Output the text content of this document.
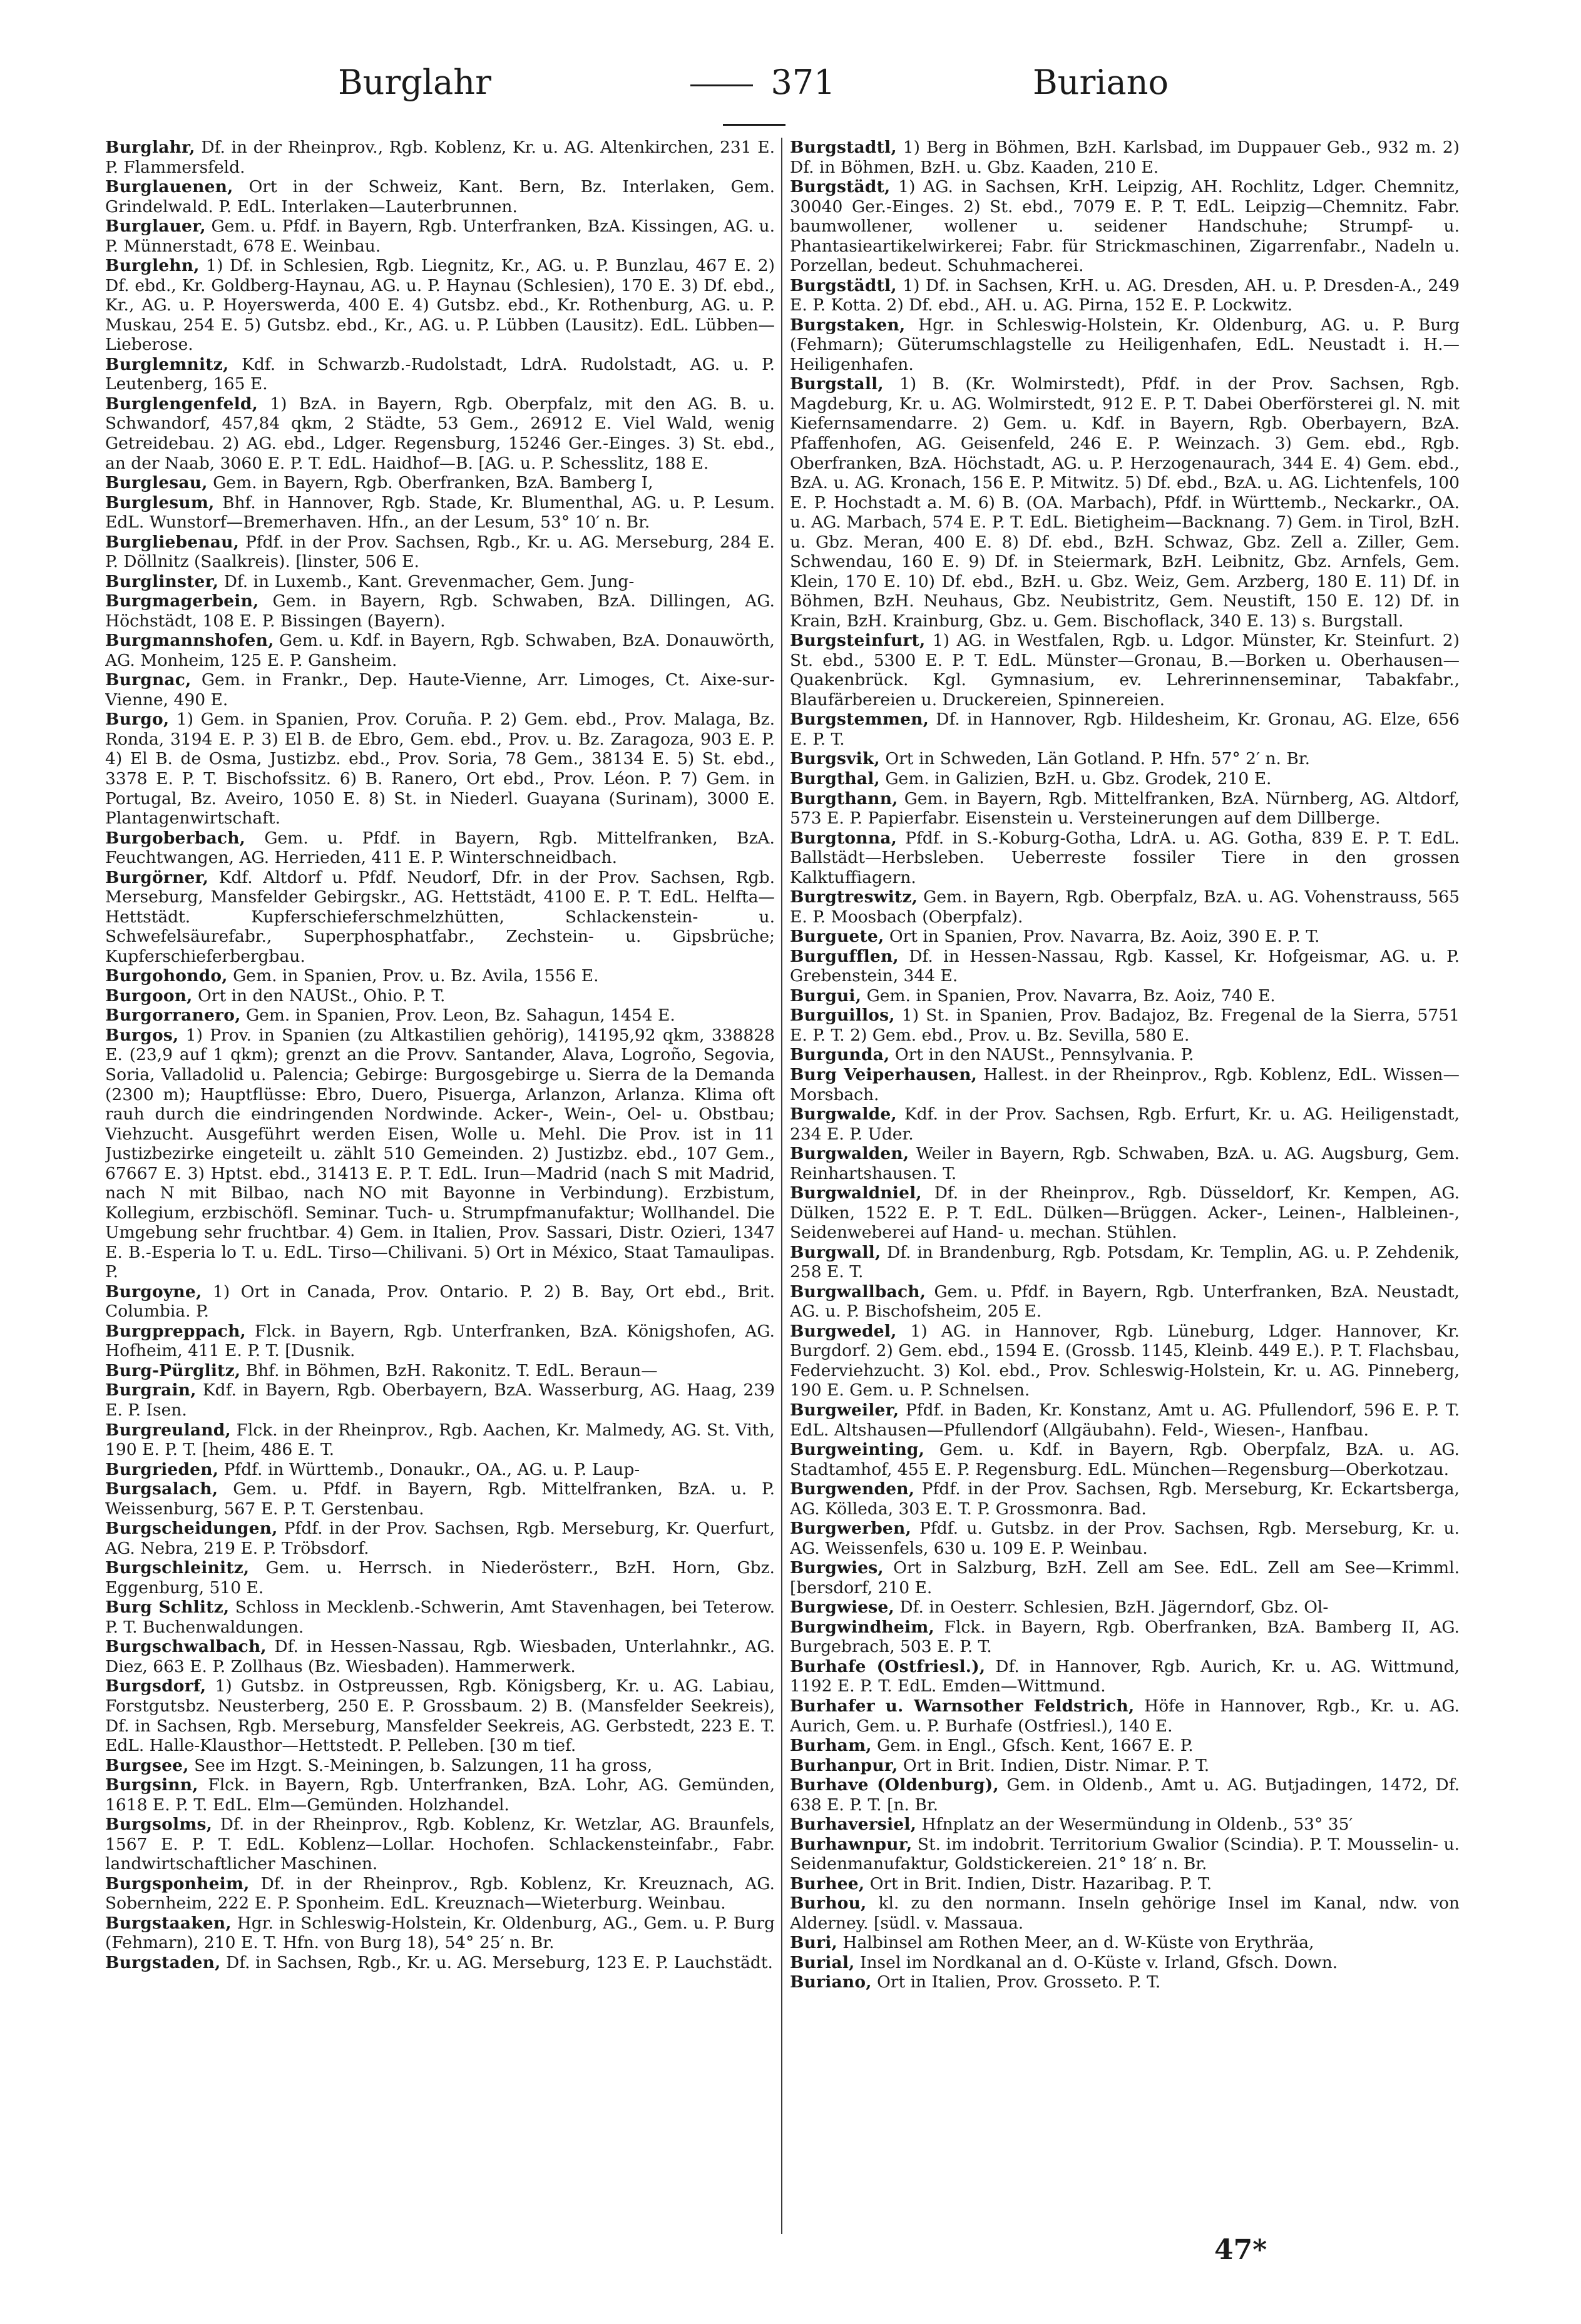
Burglahr	371	Buriano

Burglahr, Df. in der Rheinprov., Rgb. Koblenz, Kr. u. AG. Altenkirchen, 231 E. P. Flammersfeld.

Burglauenen, Ort in der Schweiz, Kant. Bern, Bz. Interlaken, Gem. Grindelwald. P. EdL. Interlaken—Lauterbrunnen.

Burglauer, Gem. u. Pfdf. in Bayern, Rgb. Unterfranken, BzA. Kissingen, AG. u. P. Münnerstadt, 678 E. Weinbau.

Burglehn, 1) Df. in Schlesien, Rgb. Liegnitz, Kr., AG. u. P. Bunzlau, 467 E. 2) Df. ebd., Kr. Goldberg-Haynau, AG. u. P. Haynau (Schlesien), 170 E. 3) Df. ebd., Kr., AG. u. P. Hoyerswerda, 400 E. 4) Gutsbz. ebd., Kr. Rothenburg, AG. u. P. Muskau, 254 E. 5) Gutsbz. ebd., Kr., AG. u. P. Lübben (Lausitz). EdL. Lübben—Lieberose.

Burglemnitz, Kdf. in Schwarzb.-Rudolstadt, LdrA. Rudolstadt, AG. u. P. Leutenberg, 165 E.

Burglengenfeld, 1) BzA. in Bayern, Rgb. Oberpfalz, mit den AG. B. u. Schwandorf, 457,84 qkm, 2 Städte, 53 Gem., 26912 E. Viel Wald, wenig Getreidebau. 2) AG. ebd., Ldger. Regensburg, 15246 Ger.-Einges. 3) St. ebd., an der Naab, 3060 E. P. T. EdL. Haidhof—B. [AG. u. P. Schesslitz, 188 E.

Burglesau, Gem. in Bayern, Rgb. Oberfranken, BzA. Bamberg I,

Burglesum, Bhf. in Hannover, Rgb. Stade, Kr. Blumenthal, AG. u. P. Lesum. EdL. Wunstorf—Bremerhaven. Hfn., an der Lesum, 53° 10′ n. Br.

Burgliebenau, Pfdf. in der Prov. Sachsen, Rgb., Kr. u. AG. Merseburg, 284 E. P. Döllnitz (Saalkreis). [linster, 506 E.

Burglinster, Df. in Luxemb., Kant. Grevenmacher, Gem. Jung-

Burgmagerbein, Gem. in Bayern, Rgb. Schwaben, BzA. Dillingen, AG. Höchstädt, 108 E. P. Bissingen (Bayern).

Burgmannshofen, Gem. u. Kdf. in Bayern, Rgb. Schwaben, BzA. Donauwörth, AG. Monheim, 125 E. P. Gansheim.

Burgnac, Gem. in Frankr., Dep. Haute-Vienne, Arr. Limoges, Ct. Aixe-sur-Vienne, 490 E.

Burgo, 1) Gem. in Spanien, Prov. Coruña. P. 2) Gem. ebd., Prov. Malaga, Bz. Ronda, 3194 E. P. 3) El B. de Ebro, Gem. ebd., Prov. u. Bz. Zaragoza, 903 E. P. 4) El B. de Osma, Justizbz. ebd., Prov. Soria, 78 Gem., 38134 E. 5) St. ebd., 3378 E. P. T. Bischofssitz. 6) B. Ranero, Ort ebd., Prov. Léon. P. 7) Gem. in Portugal, Bz. Aveiro, 1050 E. 8) St. in Niederl. Guayana (Surinam), 3000 E. Plantagenwirtschaft.

Burgoberbach, Gem. u. Pfdf. in Bayern, Rgb. Mittelfranken, BzA. Feuchtwangen, AG. Herrieden, 411 E. P. Winterschneidbach.

Burgörner, Kdf. Altdorf u. Pfdf. Neudorf, Dfr. in der Prov. Sachsen, Rgb. Merseburg, Mansfelder Gebirgskr., AG. Hettstädt, 4100 E. P. T. EdL. Helfta—Hettstädt. Kupferschieferschmelzhütten, Schlackenstein- u. Schwefelsäurefabr., Superphosphatfabr., Zechstein- u. Gipsbrüche; Kupferschieferbergbau.

Burgohondo, Gem. in Spanien, Prov. u. Bz. Avila, 1556 E.

Burgoon, Ort in den NAUSt., Ohio. P. T.

Burgorranero, Gem. in Spanien, Prov. Leon, Bz. Sahagun, 1454 E.

Burgos, 1) Prov. in Spanien (zu Altkastilien gehörig), 14195,92 qkm, 338828 E. (23,9 auf 1 qkm); grenzt an die Provv. Santander, Alava, Logroño, Segovia, Soria, Valladolid u. Palencia; Gebirge: Burgosgebirge u. Sierra de la Demanda (2300 m); Hauptflüsse: Ebro, Duero, Pisuerga, Arlanzon, Arlanza. Klima oft rauh durch die eindringenden Nordwinde. Acker-, Wein-, Oel- u. Obstbau; Viehzucht. Ausgeführt werden Eisen, Wolle u. Mehl. Die Prov. ist in 11 Justizbezirke eingeteilt u. zählt 510 Gemeinden. 2) Justizbz. ebd., 107 Gem., 67667 E. 3) Hptst. ebd., 31413 E. P. T. EdL. Irun—Madrid (nach S mit Madrid, nach N mit Bilbao, nach NO mit Bayonne in Verbindung). Erzbistum, Kollegium, erzbischöfl. Seminar. Tuch- u. Strumpfmanufaktur; Wollhandel. Die Umgebung sehr fruchtbar. 4) Gem. in Italien, Prov. Sassari, Distr. Ozieri, 1347 E. B.-Esperia lo T. u. EdL. Tirso—Chilivani. 5) Ort in México, Staat Tamaulipas. P.

Burgoyne, 1) Ort in Canada, Prov. Ontario. P. 2) B. Bay, Ort ebd., Brit. Columbia. P.

Burgpreppach, Flck. in Bayern, Rgb. Unterfranken, BzA. Königshofen, AG. Hofheim, 411 E. P. T. [Dusnik.

Burg-Pürglitz, Bhf. in Böhmen, BzH. Rakonitz. T. EdL. Beraun—

Burgrain, Kdf. in Bayern, Rgb. Oberbayern, BzA. Wasserburg, AG. Haag, 239 E. P. Isen.

Burgreuland, Flck. in der Rheinprov., Rgb. Aachen, Kr. Malmedy, AG. St. Vith, 190 E. P. T. [heim, 486 E. T.

Burgrieden, Pfdf. in Württemb., Donaukr., OA., AG. u. P. Laup-

Burgsalach, Gem. u. Pfdf. in Bayern, Rgb. Mittelfranken, BzA. u. P. Weissenburg, 567 E. P. T. Gerstenbau.

Burgscheidungen, Pfdf. in der Prov. Sachsen, Rgb. Merseburg, Kr. Querfurt, AG. Nebra, 219 E. P. Tröbsdorf.

Burgschleinitz, Gem. u. Herrsch. in Niederösterr., BzH. Horn, Gbz. Eggenburg, 510 E.

Burg Schlitz, Schloss in Mecklenb.-Schwerin, Amt Stavenhagen, bei Teterow. P. T. Buchenwaldungen.

Burgschwalbach, Df. in Hessen-Nassau, Rgb. Wiesbaden, Unterlahnkr., AG. Diez, 663 E. P. Zollhaus (Bz. Wiesbaden). Hammerwerk.

Burgsdorf, 1) Gutsbz. in Ostpreussen, Rgb. Königsberg, Kr. u. AG. Labiau, Forstgutsbz. Neusterberg, 250 E. P. Grossbaum. 2) B. (Mansfelder Seekreis), Df. in Sachsen, Rgb. Merseburg, Mansfelder Seekreis, AG. Gerbstedt, 223 E. T. EdL. Halle-Klausthor—Hettstedt. P. Pelleben. [30 m tief.

Burgsee, See im Hzgt. S.-Meiningen, b. Salzungen, 11 ha gross,

Burgsinn, Flck. in Bayern, Rgb. Unterfranken, BzA. Lohr, AG. Gemünden, 1618 E. P. T. EdL. Elm—Gemünden. Holzhandel.

Burgsolms, Df. in der Rheinprov., Rgb. Koblenz, Kr. Wetzlar, AG. Braunfels, 1567 E. P. T. EdL. Koblenz—Lollar. Hochofen. Schlackensteinfabr., Fabr. landwirtschaftlicher Maschinen.

Burgsponheim, Df. in der Rheinprov., Rgb. Koblenz, Kr. Kreuznach, AG. Sobernheim, 222 E. P. Sponheim. EdL. Kreuznach—Wieterburg. Weinbau.

Burgstaaken, Hgr. in Schleswig-Holstein, Kr. Oldenburg, AG., Gem. u. P. Burg (Fehmarn), 210 E. T. Hfn. von Burg 18), 54° 25′ n. Br.

Burgstaden, Df. in Sachsen, Rgb., Kr. u. AG. Merseburg, 123 E. P. Lauchstädt.

Burgstadtl, 1) Berg in Böhmen, BzH. Karlsbad, im Duppauer Geb., 932 m. 2) Df. in Böhmen, BzH. u. Gbz. Kaaden, 210 E.

Burgstädt, 1) AG. in Sachsen, KrH. Leipzig, AH. Rochlitz, Ldger. Chemnitz, 30040 Ger.-Einges. 2) St. ebd., 7079 E. P. T. EdL. Leipzig—Chemnitz. Fabr. baumwollener, wollener u. seidener Handschuhe; Strumpf- u. Phantasieartikelwirkerei; Fabr. für Strickmaschinen, Zigarrenfabr., Nadeln u. Porzellan, bedeut. Schuhmacherei.

Burgstädtl, 1) Df. in Sachsen, KrH. u. AG. Dresden, AH. u. P. Dresden-A., 249 E. P. Kotta. 2) Df. ebd., AH. u. AG. Pirna, 152 E. P. Lockwitz.

Burgstaken, Hgr. in Schleswig-Holstein, Kr. Oldenburg, AG. u. P. Burg (Fehmarn); Güterumschlagstelle zu Heiligenhafen, EdL. Neustadt i. H.—Heiligenhafen.

Burgstall, 1) B. (Kr. Wolmirstedt), Pfdf. in der Prov. Sachsen, Rgb. Magdeburg, Kr. u. AG. Wolmirstedt, 912 E. P. T. Dabei Oberförsterei gl. N. mit Kiefernsamendarre. 2) Gem. u. Kdf. in Bayern, Rgb. Oberbayern, BzA. Pfaffenhofen, AG. Geisenfeld, 246 E. P. Weinzach. 3) Gem. ebd., Rgb. Oberfranken, BzA. Höchstadt, AG. u. P. Herzogenaurach, 344 E. 4) Gem. ebd., BzA. u. AG. Kronach, 156 E. P. Mitwitz. 5) Df. ebd., BzA. u. AG. Lichtenfels, 100 E. P. Hochstadt a. M. 6) B. (OA. Marbach), Pfdf. in Württemb., Neckarkr., OA. u. AG. Marbach, 574 E. P. T. EdL. Bietigheim—Backnang. 7) Gem. in Tirol, BzH. u. Gbz. Meran, 400 E. 8) Df. ebd., BzH. Schwaz, Gbz. Zell a. Ziller, Gem. Schwendau, 160 E. 9) Df. in Steiermark, BzH. Leibnitz, Gbz. Arnfels, Gem. Klein, 170 E. 10) Df. ebd., BzH. u. Gbz. Weiz, Gem. Arzberg, 180 E. 11) Df. in Böhmen, BzH. Neuhaus, Gbz. Neubistritz, Gem. Neustift, 150 E. 12) Df. in Krain, BzH. Krainburg, Gbz. u. Gem. Bischoflack, 340 E. 13) s. Burgstall.

Burgsteinfurt, 1) AG. in Westfalen, Rgb. u. Ldgor. Münster, Kr. Steinfurt. 2) St. ebd., 5300 E. P. T. EdL. Münster—Gronau, B.—Borken u. Oberhausen—Quakenbrück. Kgl. Gymnasium, ev. Lehrerinnenseminar, Tabakfabr., Blaufärbereien u. Druckereien, Spinnereien.

Burgstemmen, Df. in Hannover, Rgb. Hildesheim, Kr. Gronau, AG. Elze, 656 E. P. T.

Burgsvik, Ort in Schweden, Län Gotland. P. Hfn. 57° 2′ n. Br.

Burgthal, Gem. in Galizien, BzH. u. Gbz. Grodek, 210 E.

Burgthann, Gem. in Bayern, Rgb. Mittelfranken, BzA. Nürnberg, AG. Altdorf, 573 E. P. Papierfabr. Eisenstein u. Versteinerungen auf dem Dillberge.

Burgtonna, Pfdf. in S.-Koburg-Gotha, LdrA. u. AG. Gotha, 839 E. P. T. EdL. Ballstädt—Herbsleben. Ueberreste fossiler Tiere in den grossen Kalktuffiagern.

Burgtreswitz, Gem. in Bayern, Rgb. Oberpfalz, BzA. u. AG. Vohenstrauss, 565 E. P. Moosbach (Oberpfalz).

Burguete, Ort in Spanien, Prov. Navarra, Bz. Aoiz, 390 E. P. T.

Burgufflen, Df. in Hessen-Nassau, Rgb. Kassel, Kr. Hofgeismar, AG. u. P. Grebenstein, 344 E.

Burgui, Gem. in Spanien, Prov. Navarra, Bz. Aoiz, 740 E.

Burguillos, 1) St. in Spanien, Prov. Badajoz, Bz. Fregenal de la Sierra, 5751 E. P. T. 2) Gem. ebd., Prov. u. Bz. Sevilla, 580 E.

Burgunda, Ort in den NAUSt., Pennsylvania. P.

Burg Veiperhausen, Hallest. in der Rheinprov., Rgb. Koblenz, EdL. Wissen—Morsbach.

Burgwalde, Kdf. in der Prov. Sachsen, Rgb. Erfurt, Kr. u. AG. Heiligenstadt, 234 E. P. Uder.

Burgwalden, Weiler in Bayern, Rgb. Schwaben, BzA. u. AG. Augsburg, Gem. Reinhartshausen. T.

Burgwaldniel, Df. in der Rheinprov., Rgb. Düsseldorf, Kr. Kempen, AG. Dülken, 1522 E. P. T. EdL. Dülken—Brüggen. Acker-, Leinen-, Halbleinen-, Seidenweberei auf Hand- u. mechan. Stühlen.

Burgwall, Df. in Brandenburg, Rgb. Potsdam, Kr. Templin, AG. u. P. Zehdenik, 258 E. T.

Burgwallbach, Gem. u. Pfdf. in Bayern, Rgb. Unterfranken, BzA. Neustadt, AG. u. P. Bischofsheim, 205 E.

Burgwedel, 1) AG. in Hannover, Rgb. Lüneburg, Ldger. Hannover, Kr. Burgdorf. 2) Gem. ebd., 1594 E. (Grossb. 1145, Kleinb. 449 E.). P. T. Flachsbau, Federviehzucht. 3) Kol. ebd., Prov. Schleswig-Holstein, Kr. u. AG. Pinneberg, 190 E. Gem. u. P. Schnelsen.

Burgweiler, Pfdf. in Baden, Kr. Konstanz, Amt u. AG. Pfullendorf, 596 E. P. T. EdL. Altshausen—Pfullendorf (Allgäubahn). Feld-, Wiesen-, Hanfbau.

Burgweinting, Gem. u. Kdf. in Bayern, Rgb. Oberpfalz, BzA. u. AG. Stadtamhof, 455 E. P. Regensburg. EdL. München—Regensburg—Oberkotzau.

Burgwenden, Pfdf. in der Prov. Sachsen, Rgb. Merseburg, Kr. Eckartsberga, AG. Kölleda, 303 E. T. P. Grossmonra. Bad.

Burgwerben, Pfdf. u. Gutsbz. in der Prov. Sachsen, Rgb. Merseburg, Kr. u. AG. Weissenfels, 630 u. 109 E. P. Weinbau.

Burgwies, Ort in Salzburg, BzH. Zell am See. EdL. Zell am See—Krimml. [bersdorf, 210 E.

Burgwiese, Df. in Oesterr. Schlesien, BzH. Jägerndorf, Gbz. Ol-

Burgwindheim, Flck. in Bayern, Rgb. Oberfranken, BzA. Bamberg II, AG. Burgebrach, 503 E. P. T.

Burhafe (Ostfriesl.), Df. in Hannover, Rgb. Aurich, Kr. u. AG. Wittmund, 1192 E. P. T. EdL. Emden—Wittmund.

Burhafer u. Warnsother Feldstrich, Höfe in Hannover, Rgb., Kr. u. AG. Aurich, Gem. u. P. Burhafe (Ostfriesl.), 140 E.

Burham, Gem. in Engl., Gfsch. Kent, 1667 E. P.

Burhanpur, Ort in Brit. Indien, Distr. Nimar. P. T.

Burhave (Oldenburg), Gem. in Oldenb., Amt u. AG. Butjadingen, 1472, Df. 638 E. P. T. [n. Br.

Burhaversiel, Hfnplatz an der Wesermündung in Oldenb., 53° 35′

Burhawnpur, St. im indobrit. Territorium Gwalior (Scindia). P. T. Mousselin- u. Seidenmanufaktur, Goldstickereien. 21° 18′ n. Br.

Burhee, Ort in Brit. Indien, Distr. Hazaribag. P. T.

Burhou, kl. zu den normann. Inseln gehörige Insel im Kanal, ndw. von Alderney. [südl. v. Massaua.

Buri, Halbinsel am Rothen Meer, an d. W-Küste von Erythräa,

Burial, Insel im Nordkanal an d. O-Küste v. Irland, Gfsch. Down.

Buriano, Ort in Italien, Prov. Grosseto. P. T.

47*
